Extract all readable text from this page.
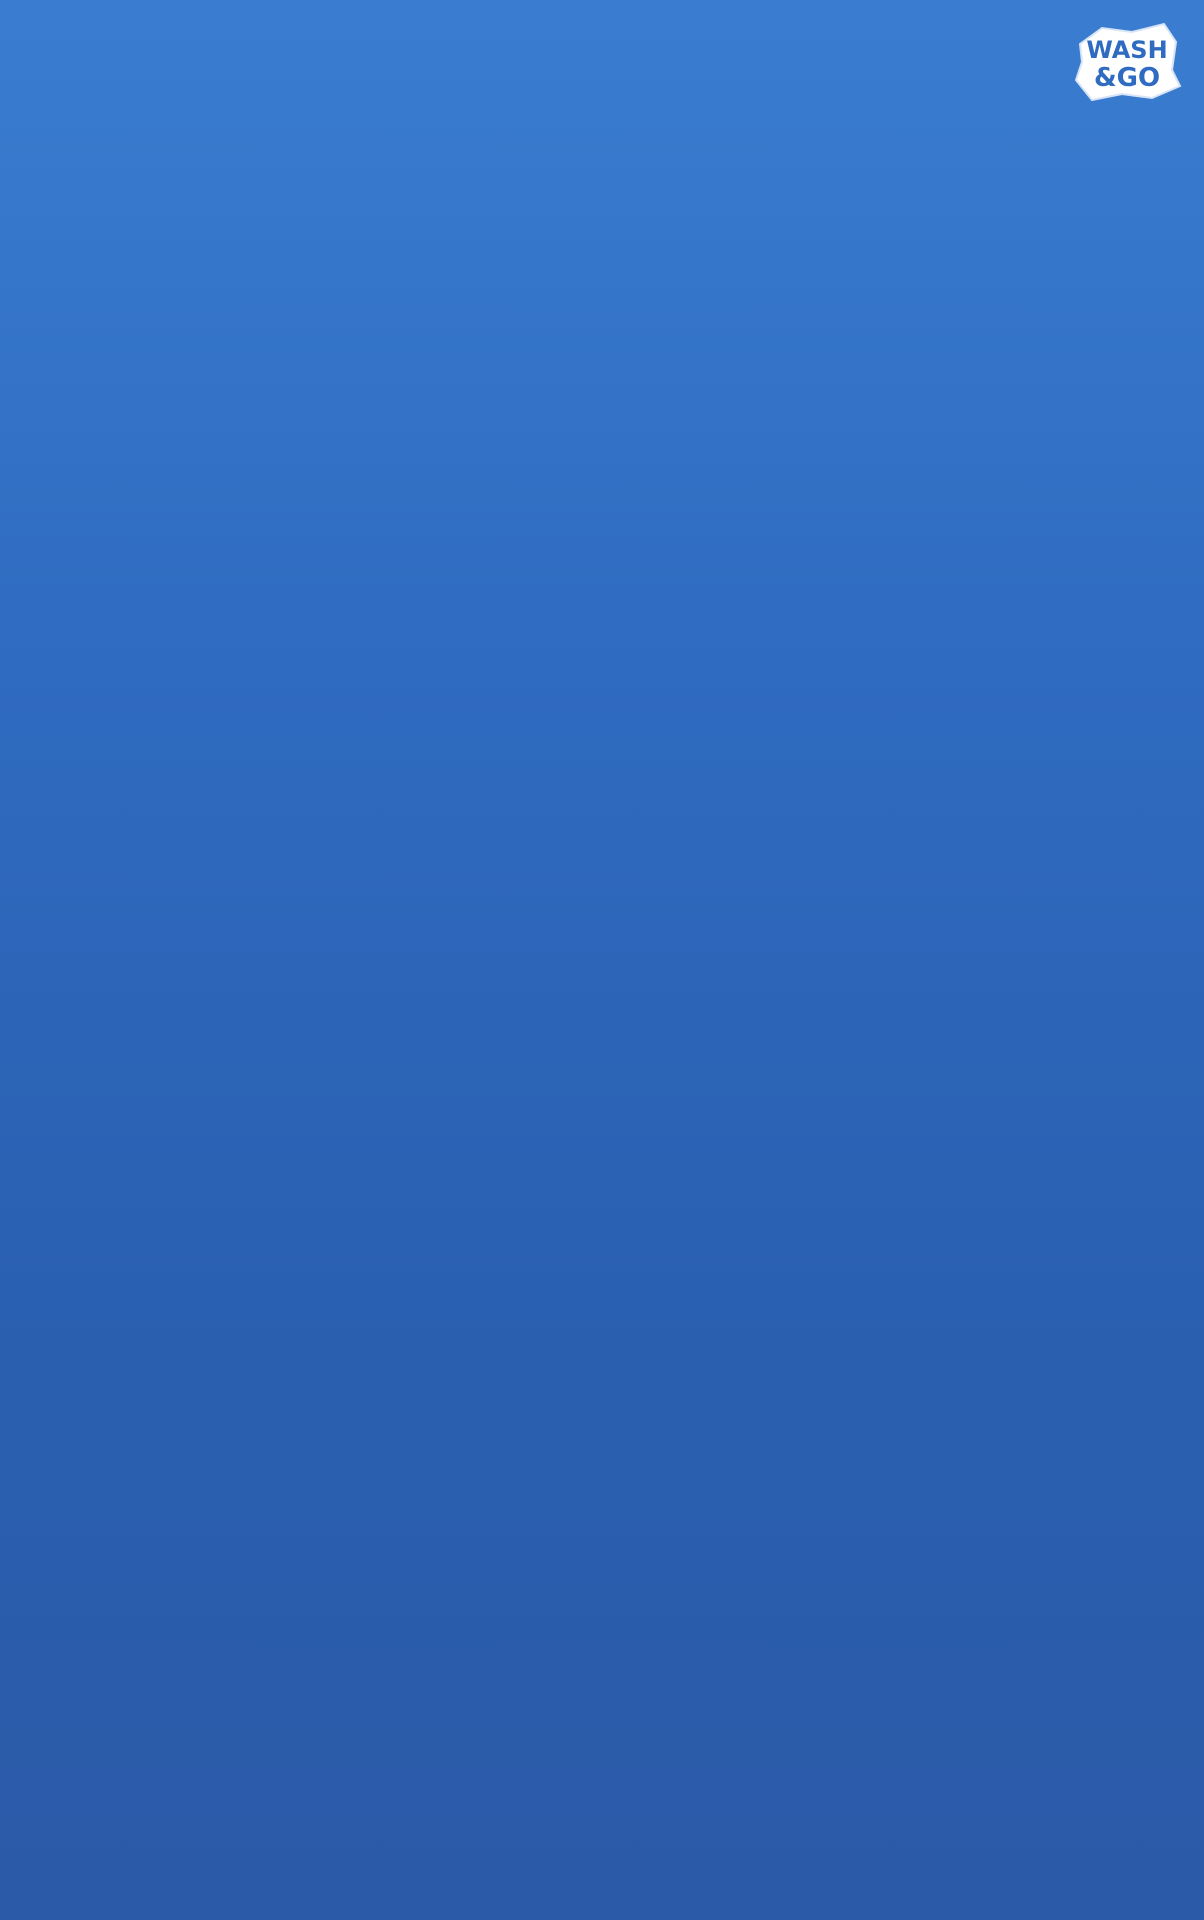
WASH
&GO
